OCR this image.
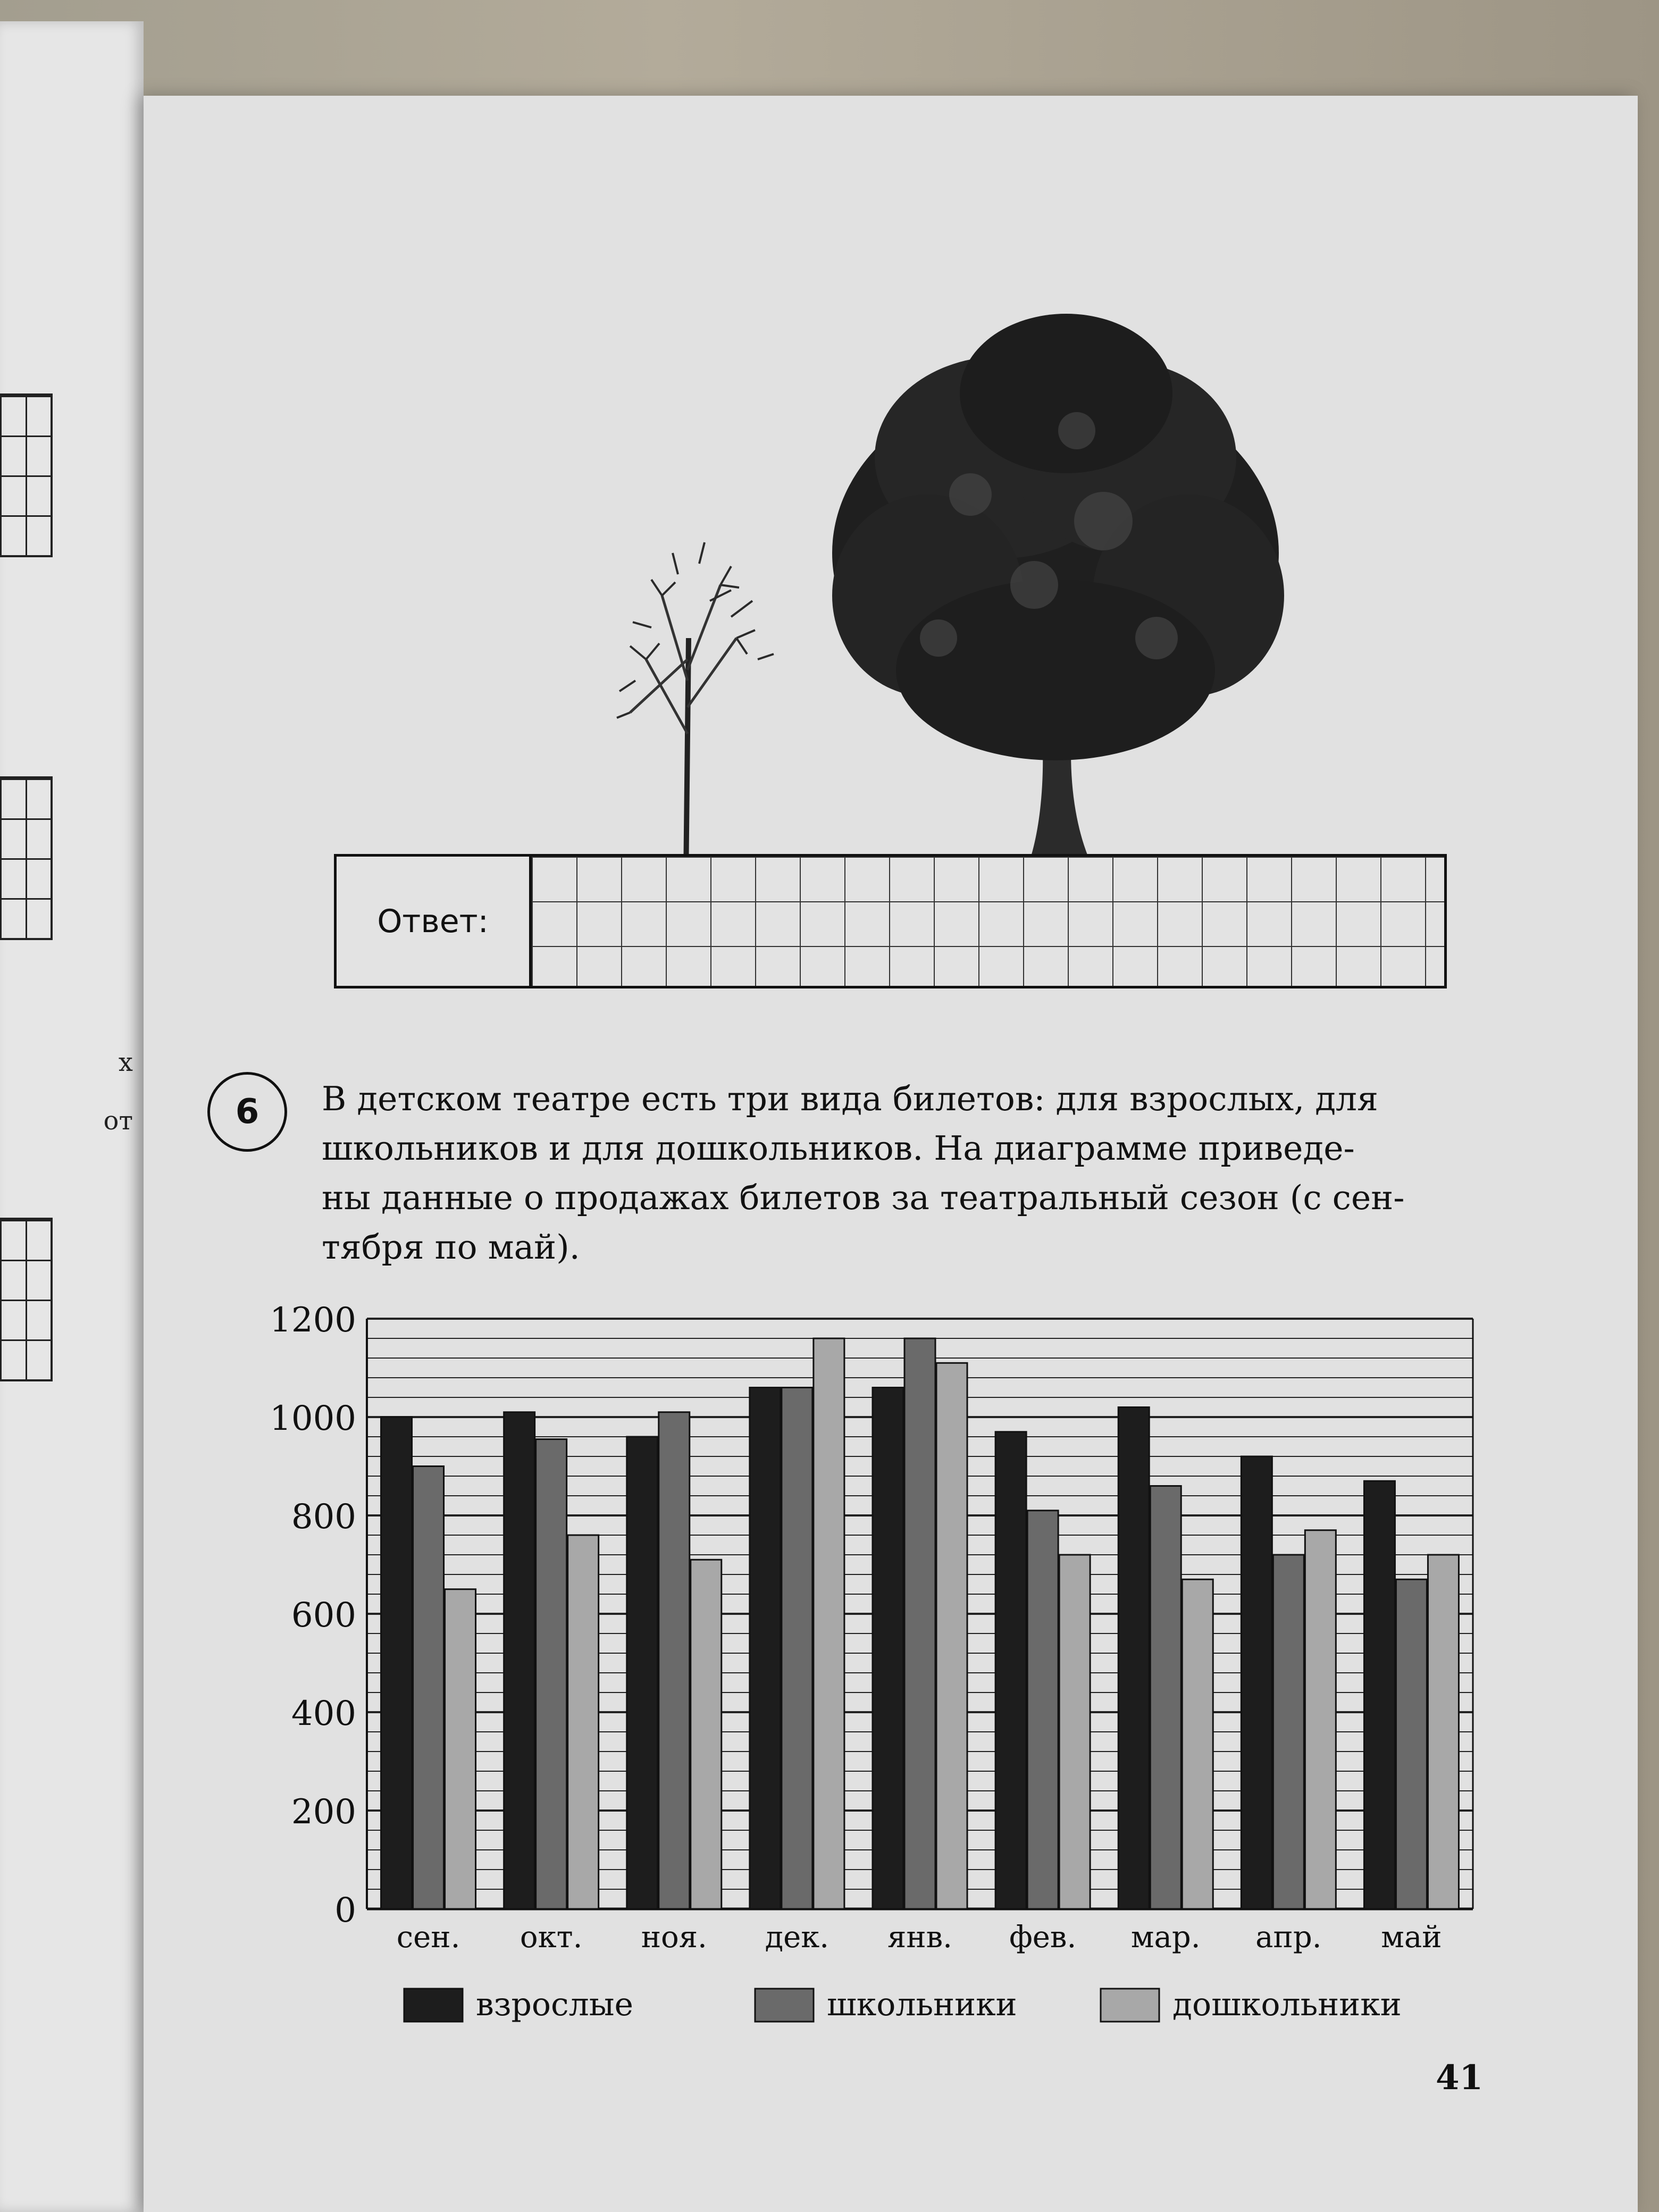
х
от
Ответ:
6	В детском театре есть три вида билетов: для взрослых, для
школьников и для дошкольников. На диаграмме приведе-
ны данные о продажах билетов за театральный сезон (с сен-
тября по май).

0
200
400
600
800
1000
1200
сен. окт. ноя. дек. янв. фев. мар. апр. май
взрослые	школьники	дошкольники
41
